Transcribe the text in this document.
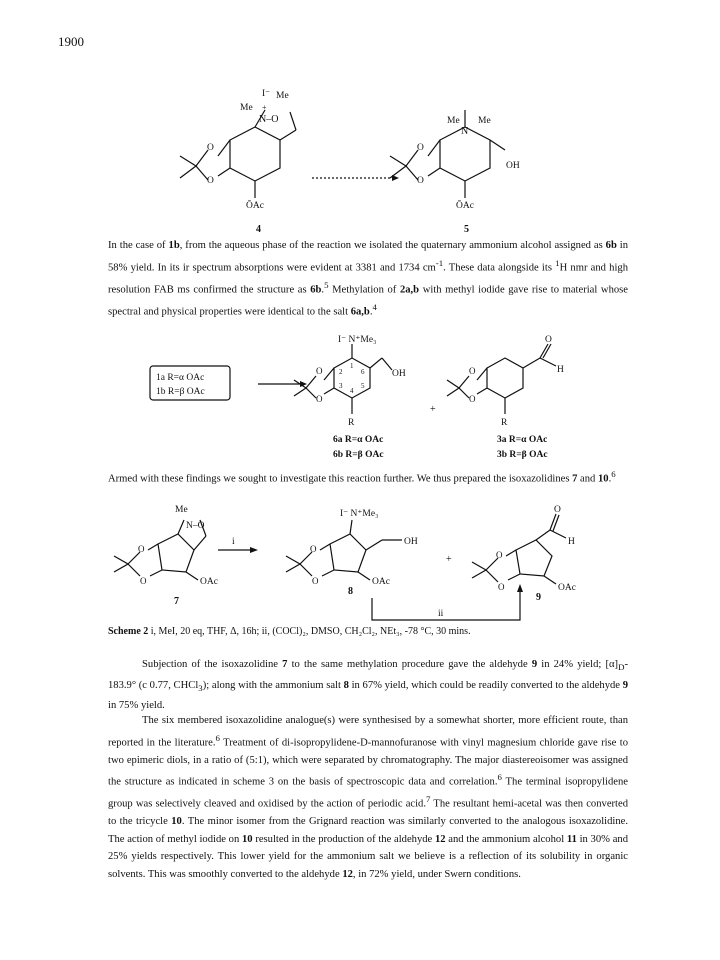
1900
I⁻ Me
Me +
N–O
O
O
ŌAc
4
Me Me
N
OH
O
O
ŌAc
5
In the case of 1b, from the aqueous phase of the reaction we isolated the quaternary ammonium alcohol assigned as 6b in 58% yield. In its ir spectrum absorptions were evident at 3381 and 1734 $cm^{-1}$. These data alongside its $^1$H nmr and high resolution FAB ms confirmed the structure as 6b.$^5$ Methylation of 2a,b with methyl iodide gave rise to material whose spectral and physical properties were identical to the salt 6a,b.$^4$
1a R=α OAc
1b R=β OAc
I⁻ N⁺Me₃
2
1
6
3
4
5
OH
O
O
R
+
O
H
O
O
R
6a R=α OAc
6b R=β OAc
3a R=α OAc
3b R=β OAc
Armed with these findings we sought to investigate this reaction further. We thus prepared the isoxazolidines 7 and 10.$^6$
Me
N–O
O
O	OAc
7
i
I⁻ N⁺Me₃
OH
O
O	OAc
8
+
O
H
O
O	OAc
9
ii
Scheme 2 i, MeI, 20 eq, THF, Δ, 16h; ii, (COCl)₂, DMSO, CH₂Cl₂, NEt₃, -78 °C, 30 mins.
Subjection of the isoxazolidine 7 to the same methylation procedure gave the aldehyde 9 in 24% yield; $[\alpha]_D-183.9^\circ$ (c 0.77, CHCl$_3$); along with the ammonium salt 8 in 67% yield, which could be readily converted to the aldehyde 9 in 75% yield.
The six membered isoxazolidine analogue(s) were synthesised by a somewhat shorter, more efficient route, than reported in the literature.$^6$ Treatment of di-isopropylidene-D-mannofuranose with vinyl magnesium chloride gave rise to two epimeric diols, in a ratio of (5:1), which were separated by chromatography. The major diastereoisomer was assigned the structure as indicated in scheme 3 on the basis of spectroscopic data and correlation.$^6$ The terminal isopropylidene group was selectively cleaved and oxidised by the action of periodic acid.$^7$ The resultant hemi-acetal was then converted to the tricycle 10. The minor isomer from the Grignard reaction was similarly converted to the analogous isoxazolidine. The action of methyl iodide on 10 resulted in the production of the aldehyde 12 and the ammonium alcohol 11 in 30% and 25% yields respectively. This lower yield for the ammonium salt we believe is a reflection of its solubility in organic solvents. This was smoothly converted to the aldehyde 12, in 72% yield, under Swern conditions.
